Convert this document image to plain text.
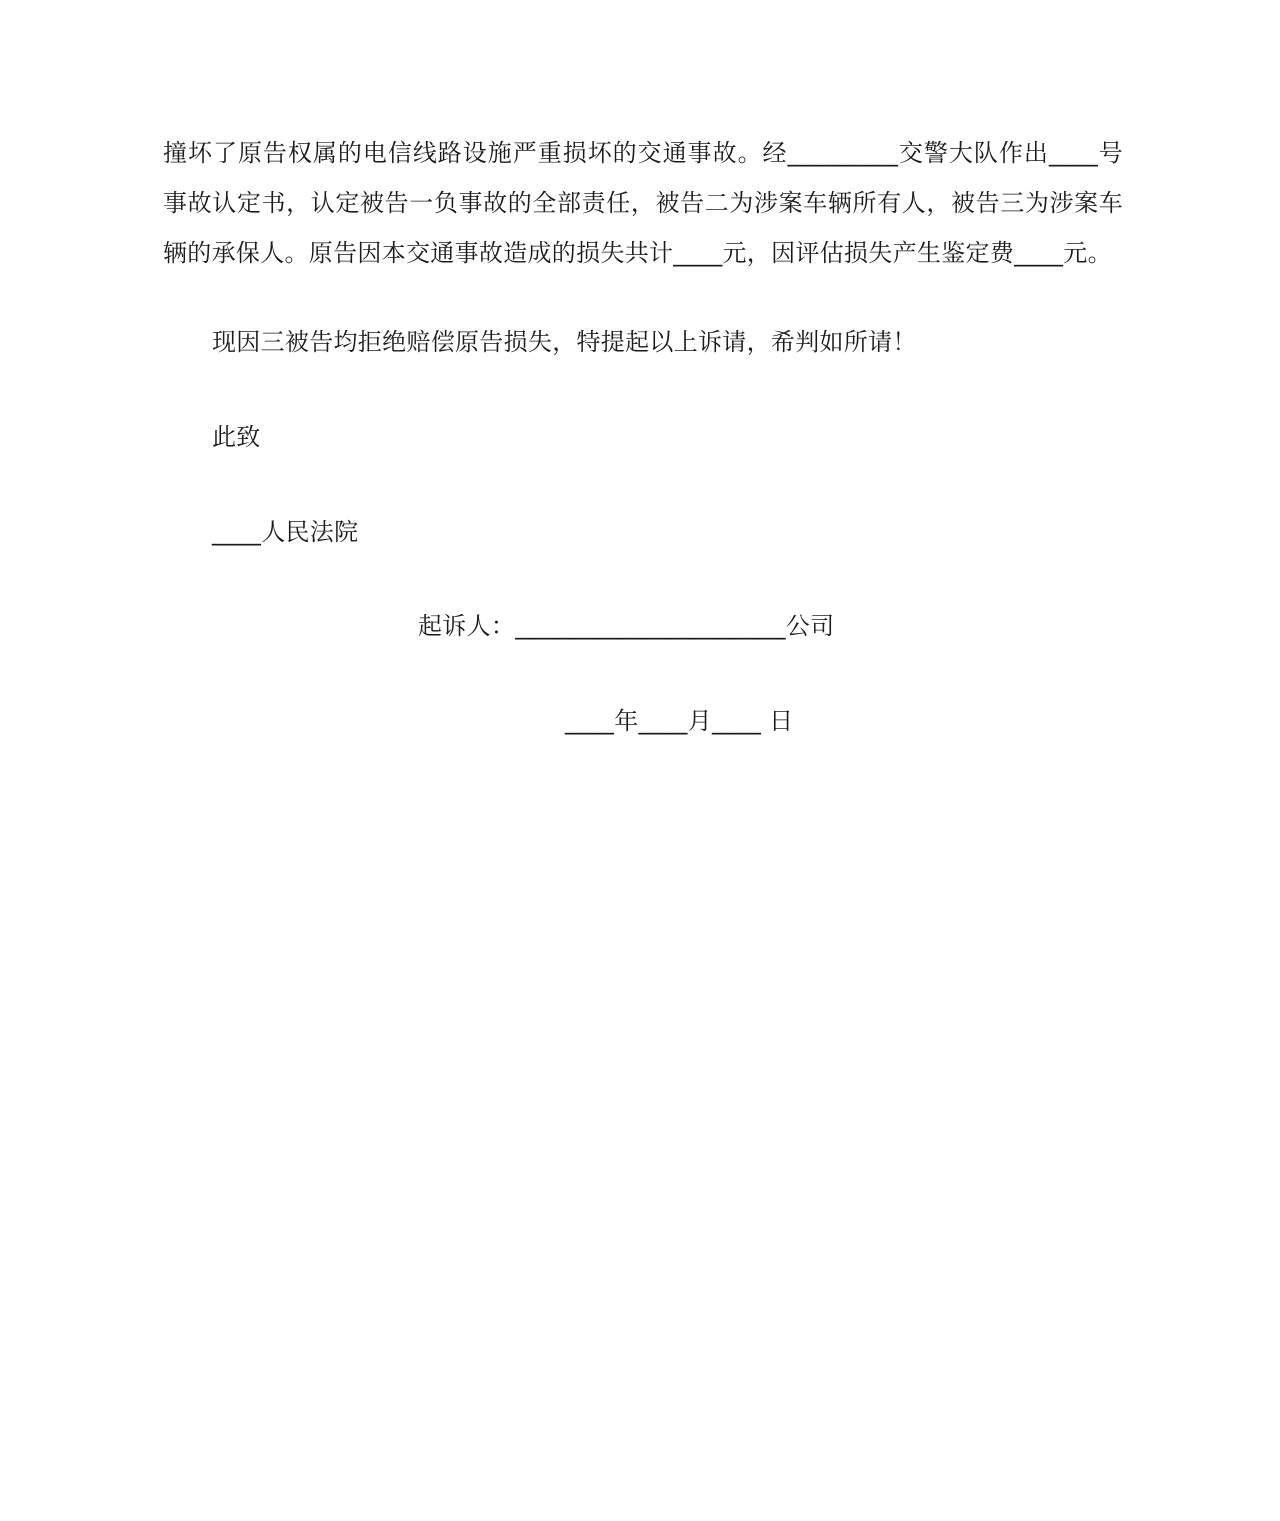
撞坏了原告权属的电信线路设施严重损坏的交通事故。经_________交警大队作出____号
事故认定书，认定被告一负事故的全部责任，被告二为涉案车辆所有人，被告三为涉案车
辆的承保人。原告因本交通事故造成的损失共计____元，因评估损失产生鉴定费____元。
现因三被告均拒绝赔偿原告损失，特提起以上诉请，希判如所请！
此致
____人民法院
起诉人：______________________公司
____年____月____ 日
